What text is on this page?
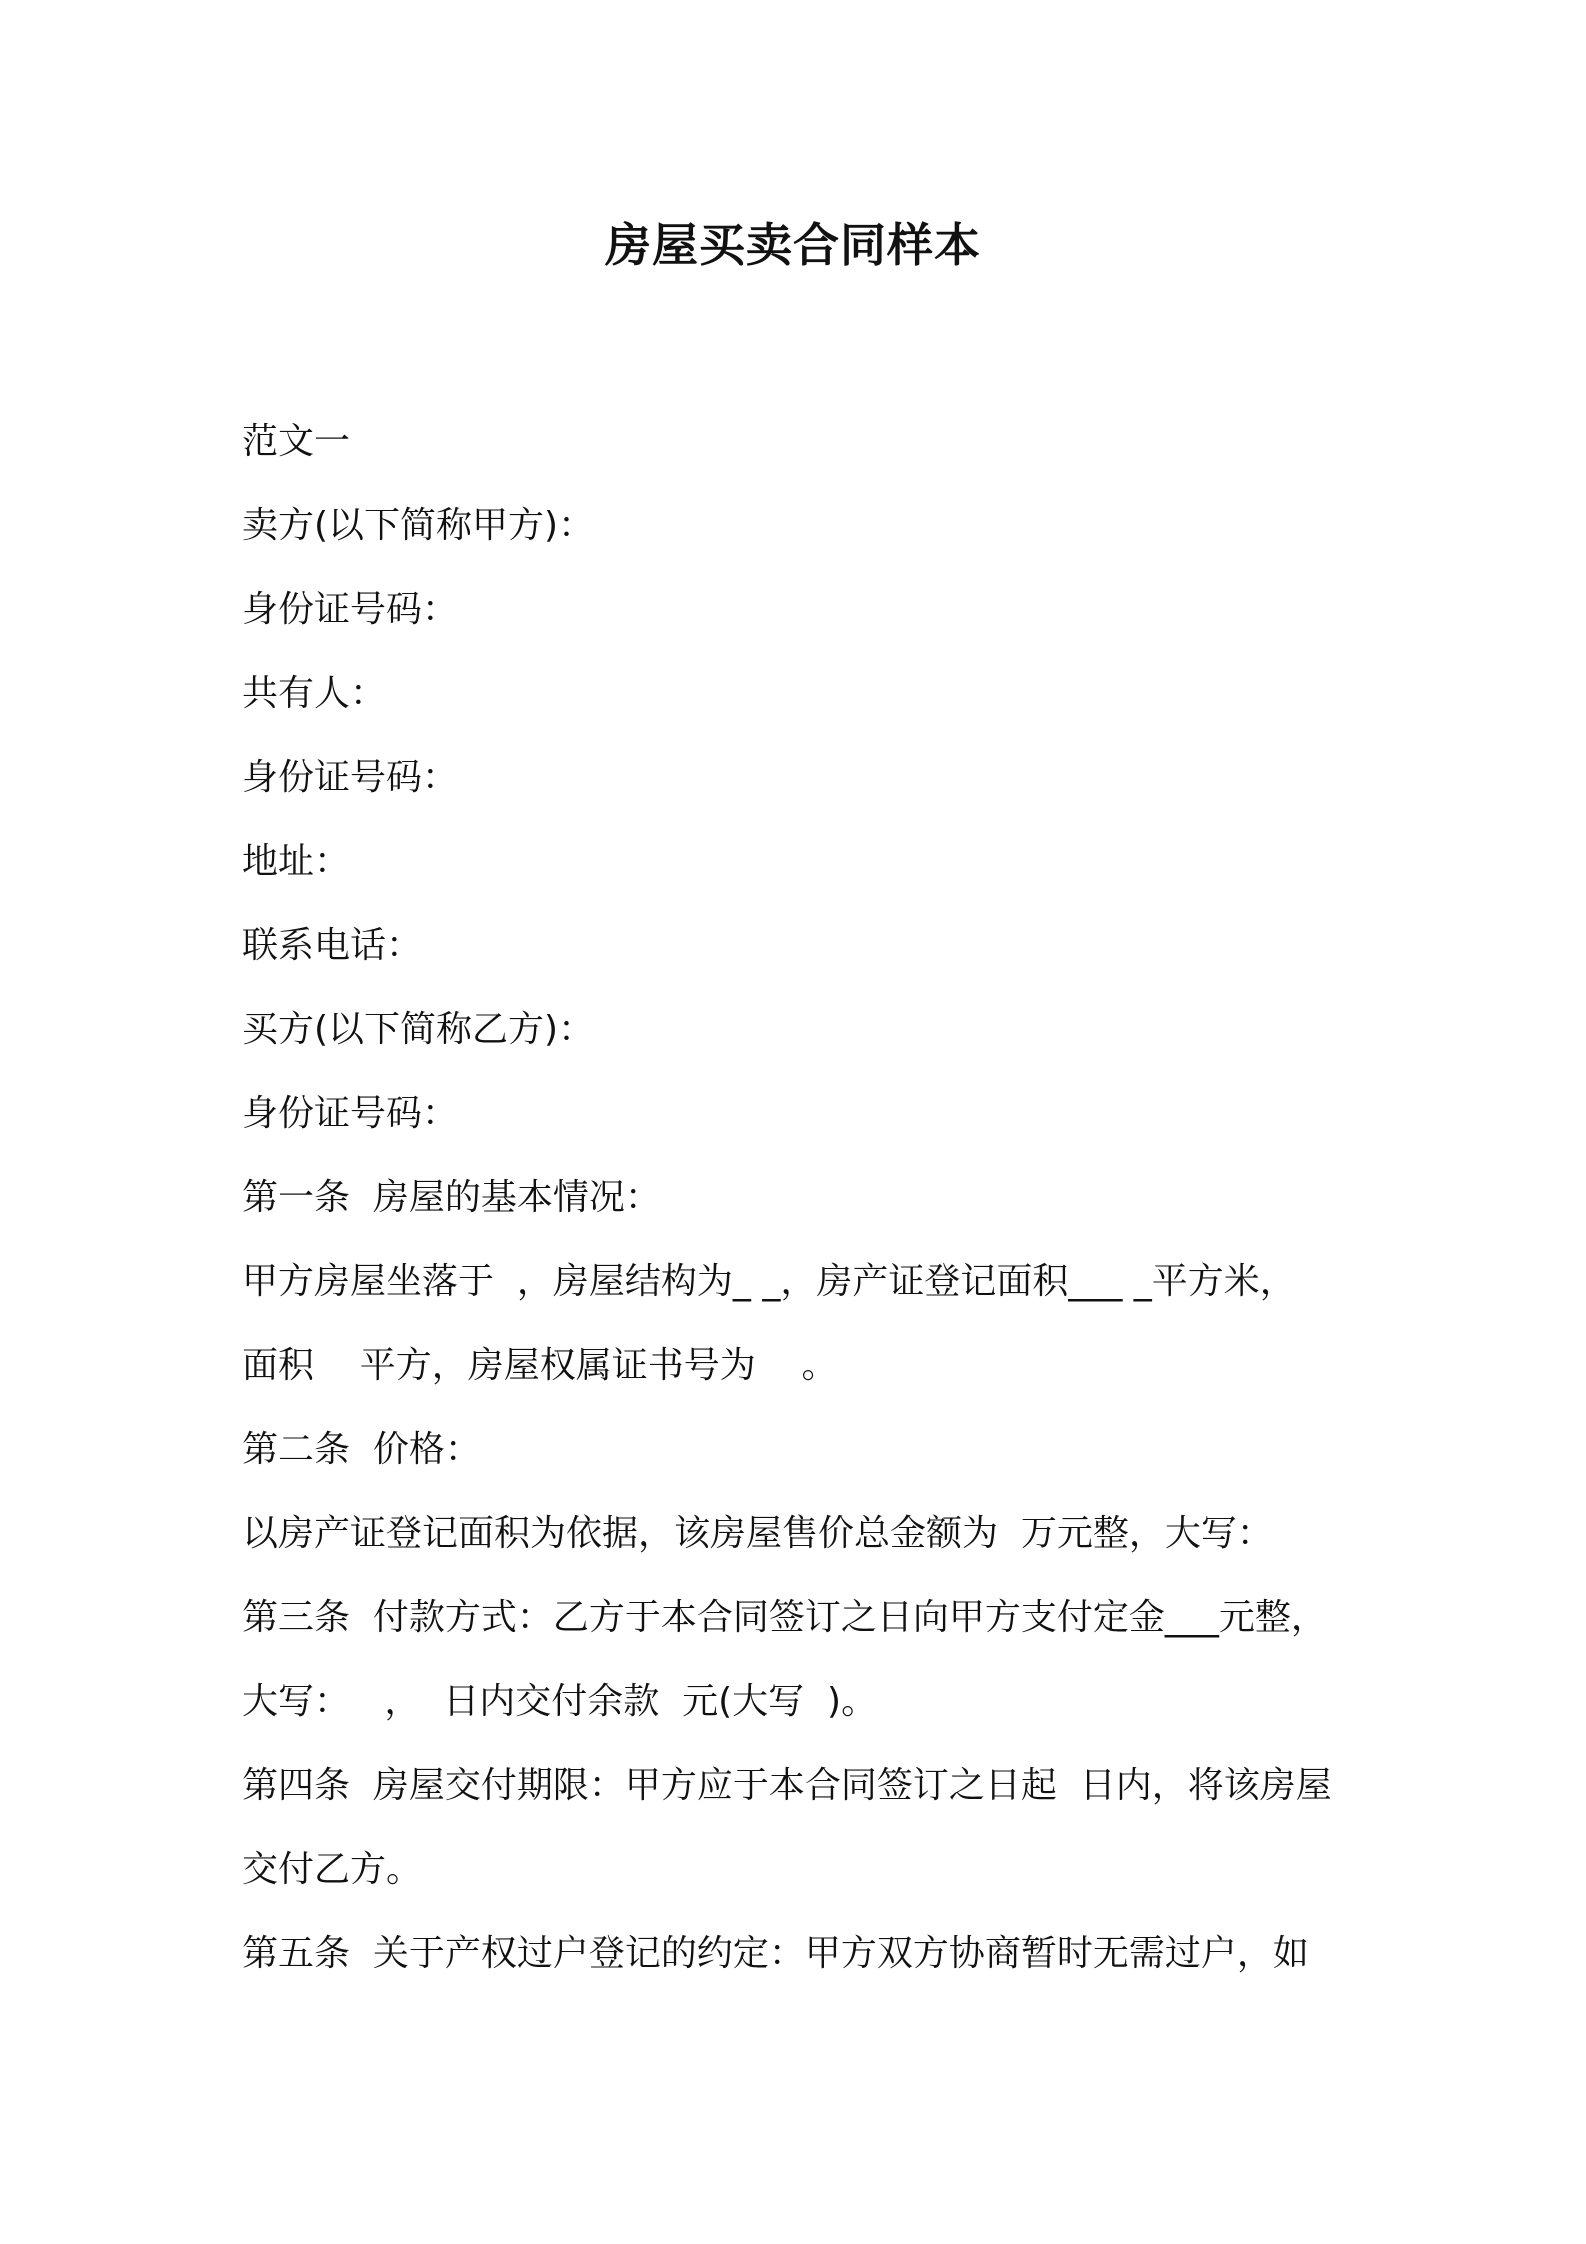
房屋买卖合同样本
范文一
卖方(以下简称甲方)：
身份证号码：
共有人：
身份证号码：
地址：
联系电话：
买方(以下简称乙方)：
身份证号码：
第一条  房屋的基本情况：
甲方房屋坐落于  ，房屋结构为_ _，房产证登记面积___ _平方米，
面积    平方，房屋权属证书号为    。
第二条  价格：
以房产证登记面积为依据，该房屋售价总金额为  万元整，大写：
第三条  付款方式：乙方于本合同签订之日向甲方支付定金___元整，
大写：   ，  日内交付余款  元(大写  )。
第四条  房屋交付期限：甲方应于本合同签订之日起  日内，将该房屋
交付乙方。
第五条  关于产权过户登记的约定：甲方双方协商暂时无需过户，如
